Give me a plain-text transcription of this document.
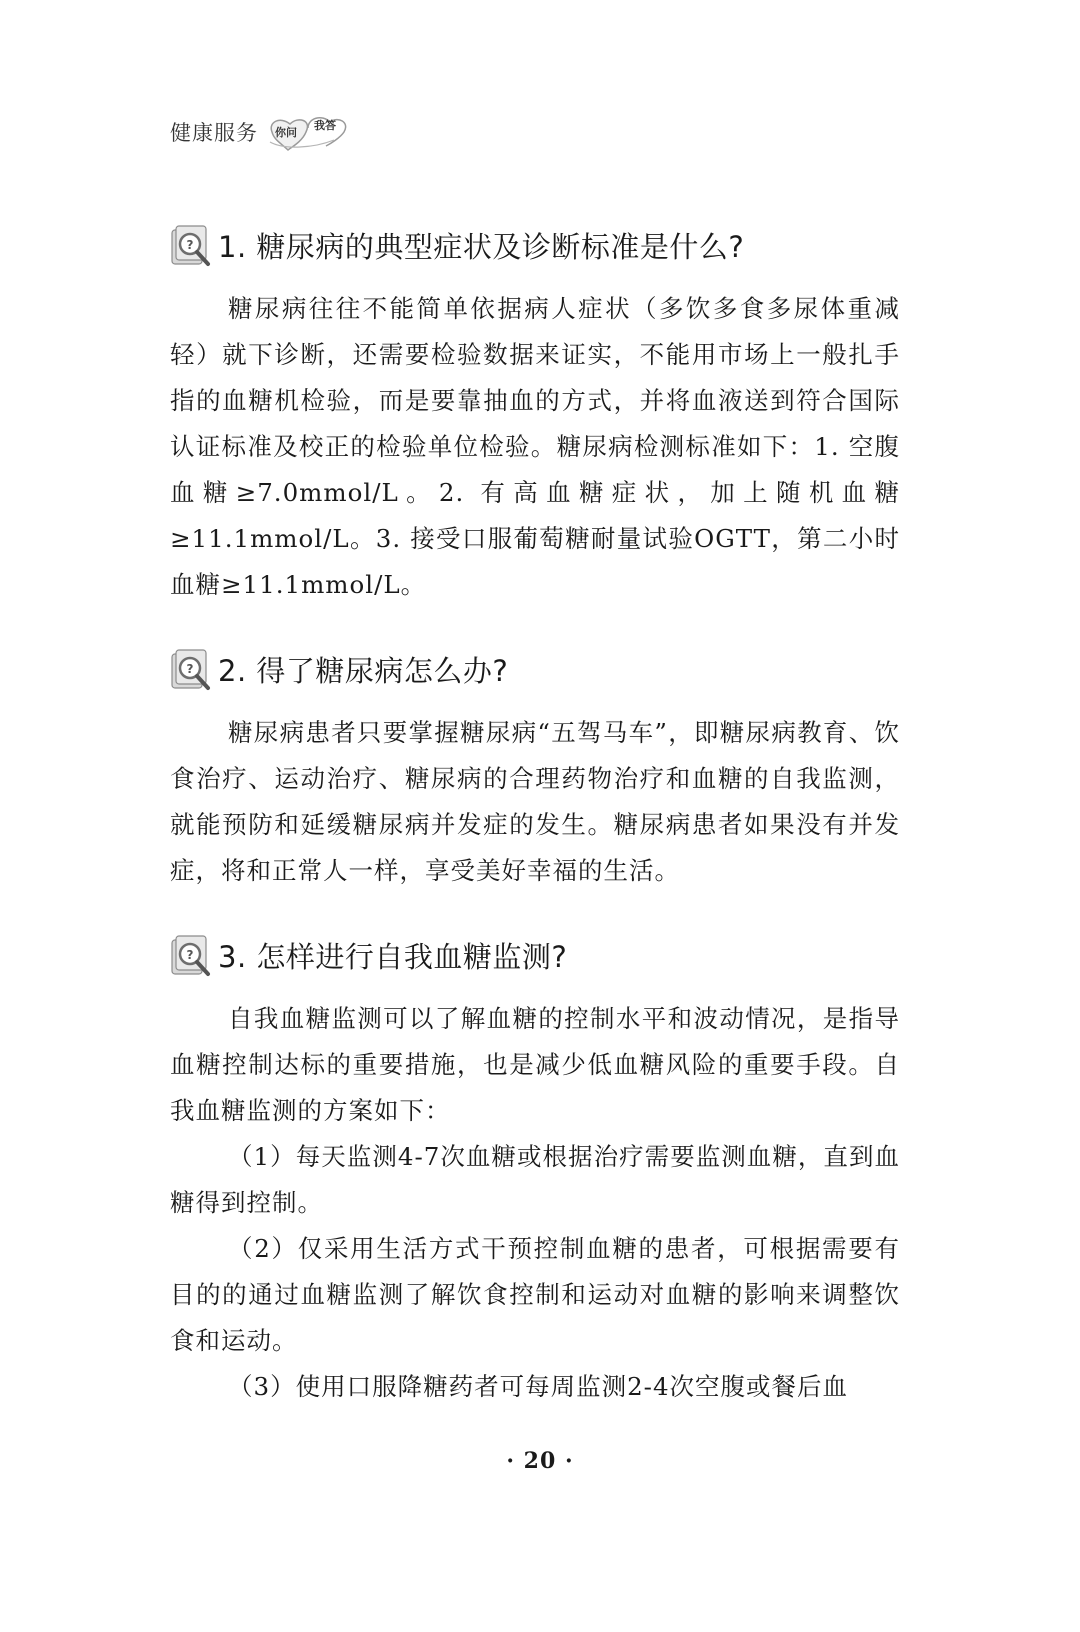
健康服务 你问
我答
? 1. 糖尿病的典型症状及诊断标准是什么?

糖尿病往往不能简单依据病人症状（多饮多食多尿体重减轻）就下诊断，还需要检验数据来证实，不能用市场上一般扎手指的血糖机检验，而是要靠抽血的方式，并将血液送到符合国际认证标准及校正的检验单位检验。糖尿病检测标准如下：1. 空腹血糖≥7.0mmol/L。2. 有高血糖症状，加上随机血糖≥11.1mmol/L。3. 接受口服葡萄糖耐量试验OGTT，第二小时血糖≥11.1mmol/L。

? 2. 得了糖尿病怎么办?

糖尿病患者只要掌握糖尿病“五驾马车”，即糖尿病教育、饮食治疗、运动治疗、糖尿病的合理药物治疗和血糖的自我监测，就能预防和延缓糖尿病并发症的发生。糖尿病患者如果没有并发症，将和正常人一样，享受美好幸福的生活。

? 3. 怎样进行自我血糖监测?

自我血糖监测可以了解血糖的控制水平和波动情况，是指导血糖控制达标的重要措施，也是减少低血糖风险的重要手段。自我血糖监测的方案如下：

（1）每天监测4-7次血糖或根据治疗需要监测血糖，直到血糖得到控制。

（2）仅采用生活方式干预控制血糖的患者，可根据需要有目的的通过血糖监测了解饮食控制和运动对血糖的影响来调整饮食和运动。

（3）使用口服降糖药者可每周监测2-4次空腹或餐后血

· 20 ·
